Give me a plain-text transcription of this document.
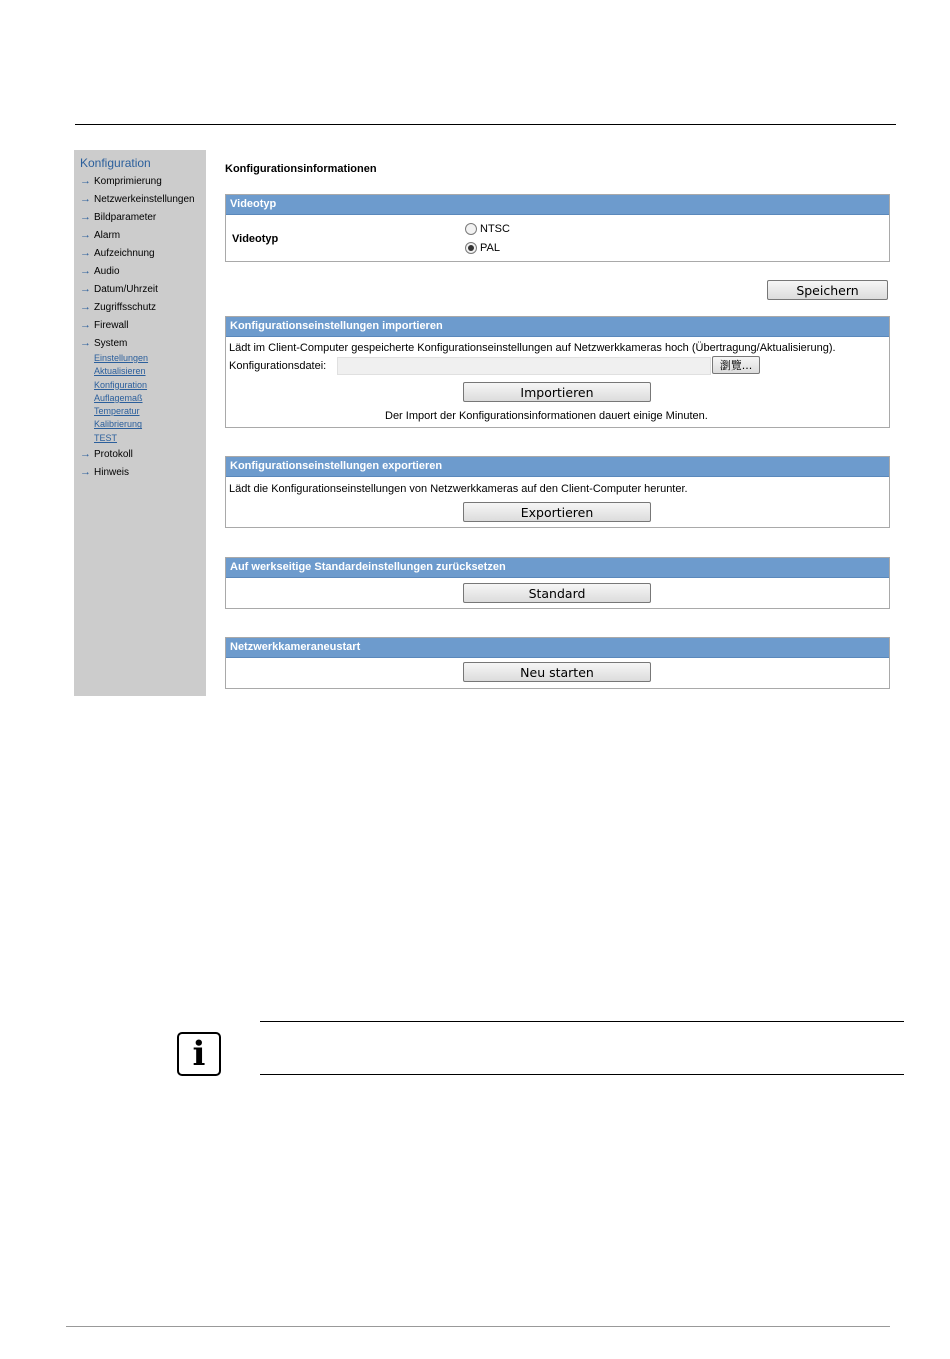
Konfiguration
→ Komprimierung
→ Netzwerkeinstellungen
→ Bildparameter
→ Alarm
→ Aufzeichnung
→ Audio
→ Datum/Uhrzeit
→ Zugriffsschutz
→ Firewall
→ System
Einstellungen
Aktualisieren
Konfiguration
Auflagemaß
Temperatur
Kalibrierung
TEST
→ Protokoll
→ Hinweis
Konfigurationsinformationen
Videotyp
Videotyp
NTSC
PAL
Speichern
Konfigurationseinstellungen importieren
Lädt im Client-Computer gespeicherte Konfigurationseinstellungen auf Netzwerkkameras hoch (Übertragung/Aktualisierung).
Konfigurationsdatei:	瀏覽...
Importieren
Der Import der Konfigurationsinformationen dauert einige Minuten.
Konfigurationseinstellungen exportieren
Lädt die Konfigurationseinstellungen von Netzwerkkameras auf den Client-Computer herunter.
Exportieren
Auf werkseitige Standardeinstellungen zurücksetzen
Standard
Netzwerkkameraneustart
Neu starten
i
